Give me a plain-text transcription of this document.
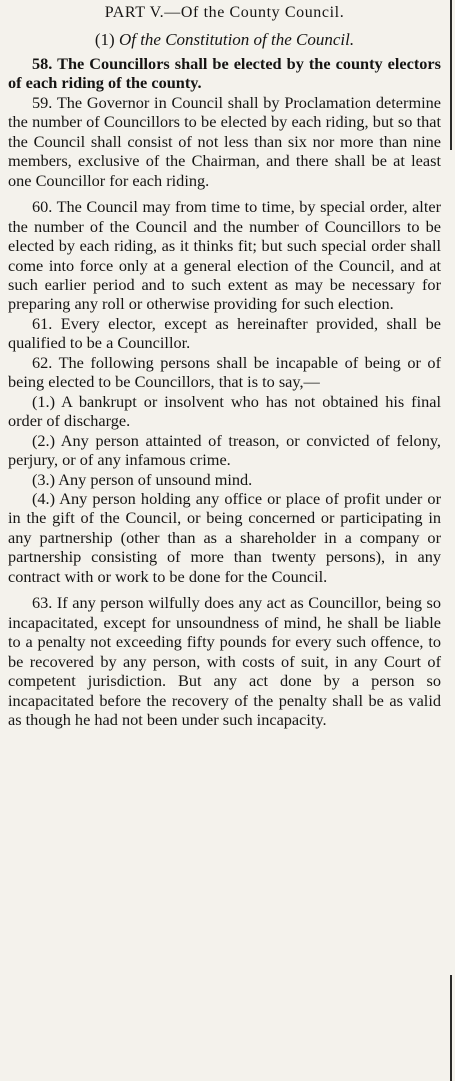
PART V.—Of the County Council.
(1) Of the Constitution of the Council.

58. The Councillors shall be elected by the county electors of each riding of the county.

59. The Governor in Council shall by Proclamation determine the number of Councillors to be elected by each riding, but so that the Council shall consist of not less than six nor more than nine members, exclusive of the Chairman, and there shall be at least one Councillor for each riding.

60. The Council may from time to time, by special order, alter the number of the Council and the number of Councillors to be elected by each riding, as it thinks fit; but such special order shall come into force only at a general election of the Council, and at such earlier period and to such extent as may be necessary for preparing any roll or otherwise providing for such election.

61. Every elector, except as hereinafter provided, shall be qualified to be a Councillor.

62. The following persons shall be incapable of being or of being elected to be Councillors, that is to say,—

(1.) A bankrupt or insolvent who has not obtained his final order of discharge.

(2.) Any person attainted of treason, or convicted of felony, perjury, or of any infamous crime.

(3.) Any person of unsound mind.

(4.) Any person holding any office or place of profit under or in the gift of the Council, or being concerned or participating in any partnership (other than as a shareholder in a company or partnership consisting of more than twenty persons), in any contract with or work to be done for the Council.

63. If any person wilfully does any act as Councillor, being so incapacitated, except for unsoundness of mind, he shall be liable to a penalty not exceeding fifty pounds for every such offence, to be recovered by any person, with costs of suit, in any Court of competent jurisdiction. But any act done by a person so incapacitated before the recovery of the penalty shall be as valid as though he had not been under such incapacity.
